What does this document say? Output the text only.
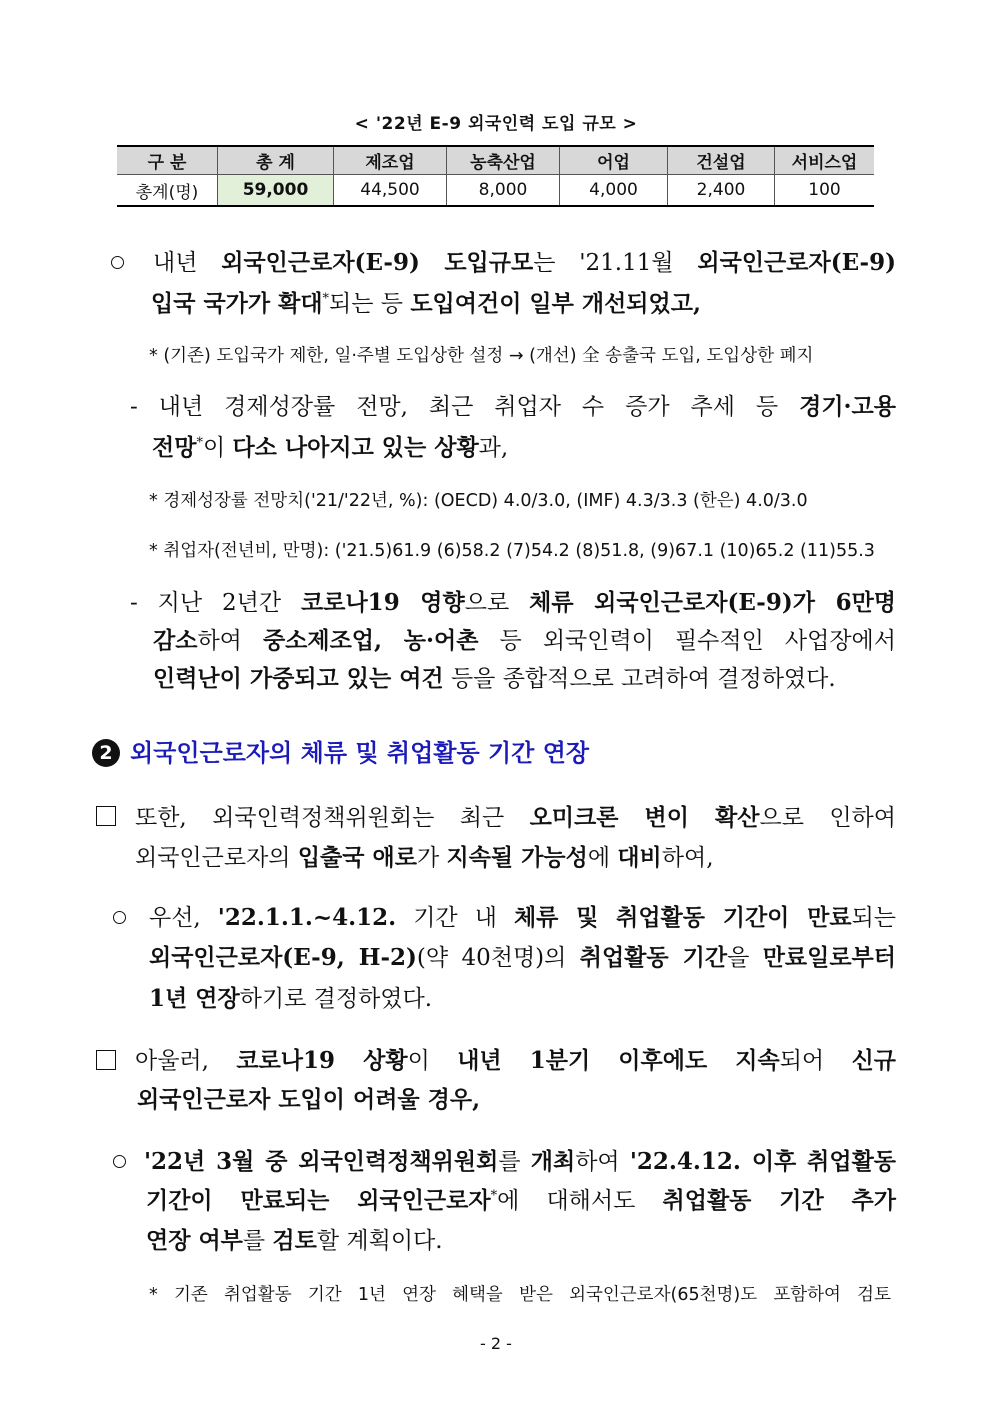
< '22년 E-9 외국인력 도입 규모 >
구 분	총 계	제조업	농축산업	어업	건설업	서비스업
총계(명)	59,000	44,500	8,000	4,000	2,400	100
내년 외국인근로자(E-9) 도입규모는 '21.11월 외국인근로자(E-9)
입국 국가가 확대*되는 등 도입여건이 일부 개선되었고,
* (기존) 도입국가 제한, 일·주별 도입상한 설정 → (개선) 全 송출국 도입, 도입상한 폐지
- 내년 경제성장률 전망, 최근 취업자 수 증가 추세 등 경기·고용
전망*이 다소 나아지고 있는 상황과,
* 경제성장률 전망치('21/'22년, %): (OECD) 4.0/3.0, (IMF) 4.3/3.3 (한은) 4.0/3.0
* 취업자(전년비, 만명): ('21.5)61.9 (6)58.2 (7)54.2 (8)51.8, (9)67.1 (10)65.2 (11)55.3
- 지난 2년간 코로나19 영향으로 체류 외국인근로자(E-9)가 6만명
감소하여 중소제조업, 농·어촌 등 외국인력이 필수적인 사업장에서
인력난이 가중되고 있는 여건 등을 종합적으로 고려하여 결정하였다.
2 외국인근로자의 체류 및 취업활동 기간 연장
또한, 외국인력정책위원회는 최근 오미크론 변이 확산으로 인하여
외국인근로자의 입출국 애로가 지속될 가능성에 대비하여,
우선, '22.1.1.~4.12. 기간 내 체류 및 취업활동 기간이 만료되는
외국인근로자(E-9, H-2)(약 40천명)의 취업활동 기간을 만료일로부터
1년 연장하기로 결정하였다.
아울러, 코로나19 상황이 내년 1분기 이후에도 지속되어 신규
외국인근로자 도입이 어려울 경우,
'22년 3월 중 외국인력정책위원회를 개최하여 '22.4.12. 이후 취업활동
기간이 만료되는 외국인근로자*에 대해서도 취업활동 기간 추가
연장 여부를 검토할 계획이다.
* 기존 취업활동 기간 1년 연장 혜택을 받은 외국인근로자(65천명)도 포함하여 검토
- 2 -
